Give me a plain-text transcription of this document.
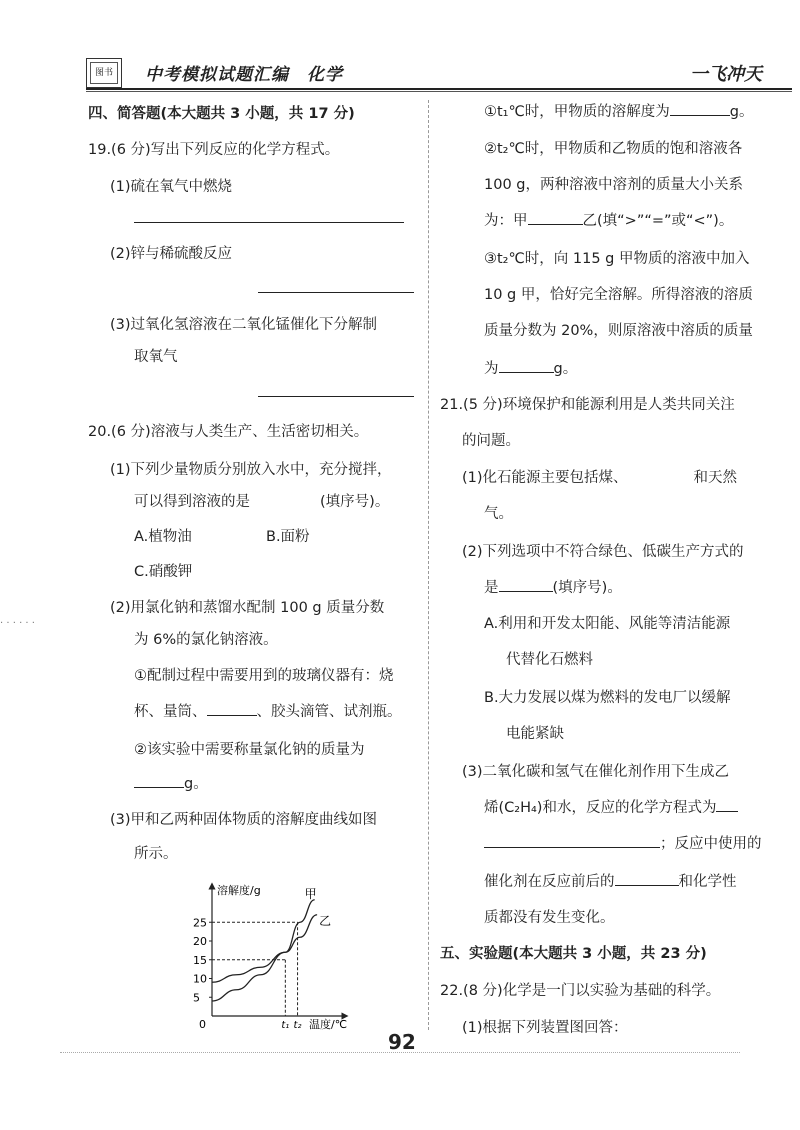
图书 中考模拟试题汇编　化学	一飞冲天

四、简答题(本大题共 3 小题，共 17 分)

19.(6 分)写出下列反应的化学方程式。

(1)硫在氧气中燃烧

(2)锌与稀硫酸反应

(3)过氧化氢溶液在二氧化锰催化下分解制

取氧气

20.(6 分)溶液与人类生产、生活密切相关。

(1)下列少量物质分别放入水中，充分搅拌，

可以得到溶液的是	(填序号)。

A.植物油	B.面粉

C.硝酸钾

(2)用氯化钠和蒸馏水配制 100 g 质量分数

为 6%的氯化钠溶液。

①配制过程中需要用到的玻璃仪器有：烧

杯、量筒、	、胶头滴管、试剂瓶。

②该实验中需要称量氯化钠的质量为

g。

(3)甲和乙两种固体物质的溶解度曲线如图

所示。

溶解度/g
温度/℃
0
5
10
15
20
25
甲
乙
t₁ t₂

①t₁℃时，甲物质的溶解度为	g。

②t₂℃时，甲物质和乙物质的饱和溶液各

100 g，两种溶液中溶剂的质量大小关系

为：甲	乙(填“>”“=”或“<”)。

③t₂℃时，向 115 g 甲物质的溶液中加入

10 g 甲，恰好完全溶解。所得溶液的溶质

质量分数为 20%，则原溶液中溶质的质量

为	g。

21.(5 分)环境保护和能源利用是人类共同关注

的问题。

(1)化石能源主要包括煤、	和天然

气。

(2)下列选项中不符合绿色、低碳生产方式的

是	(填序号)。

A.利用和开发太阳能、风能等清洁能源

代替化石燃料

B.大力发展以煤为燃料的发电厂以缓解

电能紧缺

(3)二氧化碳和氢气在催化剂作用下生成乙

烯(C₂H₄)和水，反应的化学方程式为

；反应中使用的

催化剂在反应前后的	和化学性

质都没有发生变化。

五、实验题(本大题共 3 小题，共 23 分)

22.(8 分)化学是一门以实验为基础的科学。

(1)根据下列装置图回答：

92
· · · · · ·
